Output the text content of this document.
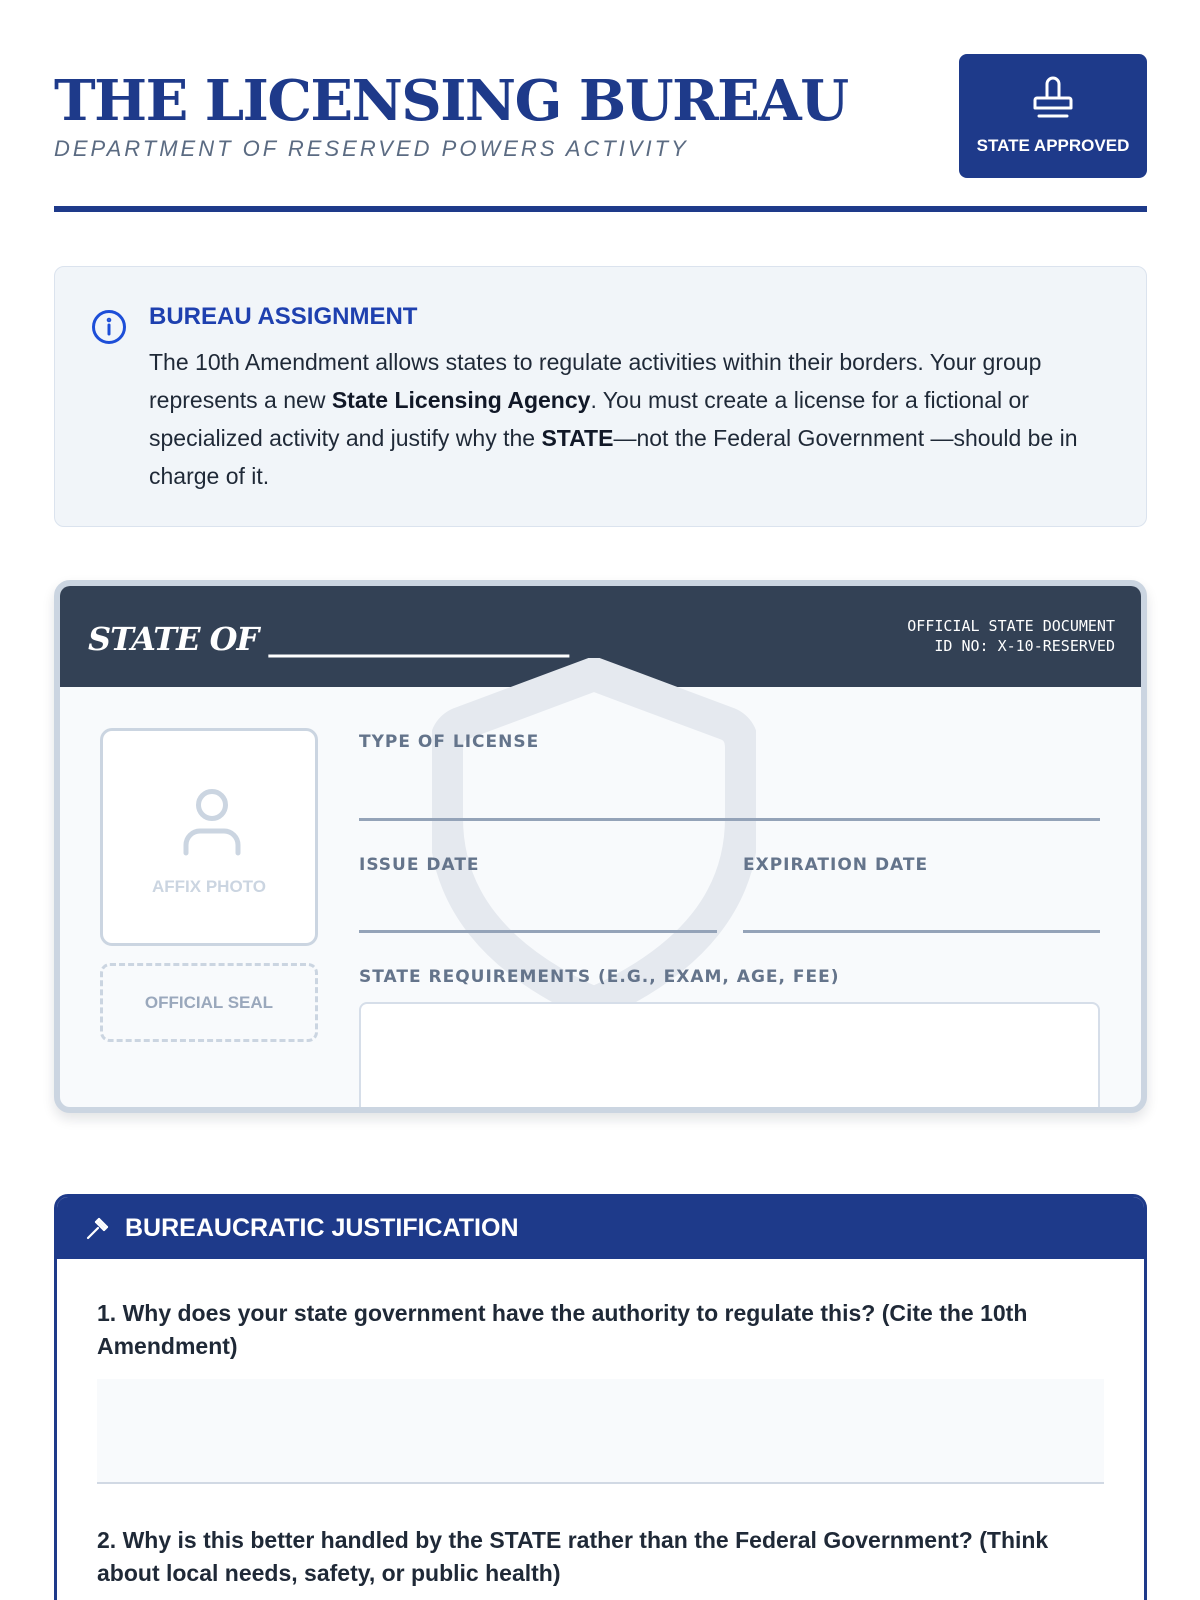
THE LICENSING BUREAU
DEPARTMENT OF RESERVED POWERS ACTIVITY	STATE APPROVED
BUREAU ASSIGNMENT

The 10th Amendment allows states to regulate activities within their borders. Your group represents a new State Licensing Agency. You must create a license for a fictional or specialized activity and justify why the STATE—not the Federal Government —should be in charge of it.

STATE OF ____________________	OFFICIAL STATE DOCUMENT
ID NO: X-10-RESERVED
AFFIX PHOTO
OFFICIAL SEAL
TYPE OF LICENSE
ISSUE DATE	EXPIRATION DATE
STATE REQUIREMENTS (E.G., EXAM, AGE, FEE)
BUREAUCRATIC JUSTIFICATION
1. Why does your state government have the authority to regulate this? (Cite the 10th Amendment)
2. Why is this better handled by the STATE rather than the Federal Government? (Think about local needs, safety, or public health)
